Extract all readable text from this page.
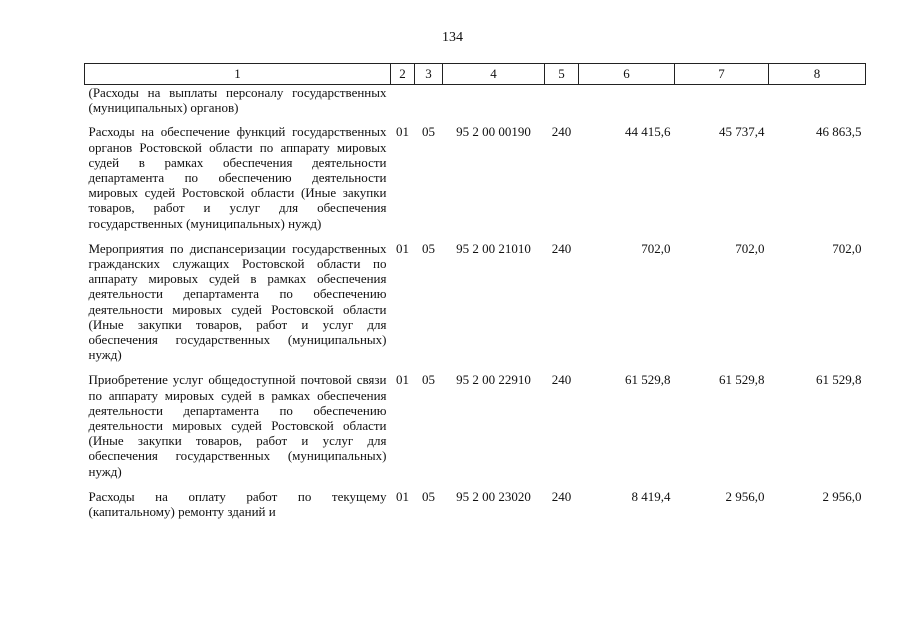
134
1	2	3	4	5	6	7	8
(Расходы на выплаты персоналу государственных (муниципальных) органов)							
Расходы на обеспечение функций государственных органов Ростовской области по аппарату мировых судей в рамках обеспечения деятельности департамента по обеспечению деятельности мировых судей Ростовской области (Иные закупки товаров, работ и услуг для обеспечения государственных (муниципальных) нужд)	01	05	95 2 00 00190	240	44 415,6	45 737,4	46 863,5
Мероприятия по диспансеризации государственных гражданских служащих Ростовской области по аппарату мировых судей в рамках обеспечения деятельности департамента по обеспечению деятельности мировых судей Ростовской области (Иные закупки товаров, работ и услуг для обеспечения государственных (муниципальных) нужд)	01	05	95 2 00 21010	240	702,0	702,0	702,0
Приобретение услуг общедоступной почтовой связи по аппарату мировых судей в рамках обеспечения деятельности департамента по обеспечению деятельности мировых судей Ростовской области (Иные закупки товаров, работ и услуг для обеспечения государственных (муниципальных) нужд)	01	05	95 2 00 22910	240	61 529,8	61 529,8	61 529,8
Расходы на оплату работ по текущему (капитальному) ремонту зданий и	01	05	95 2 00 23020	240	8 419,4	2 956,0	2 956,0
